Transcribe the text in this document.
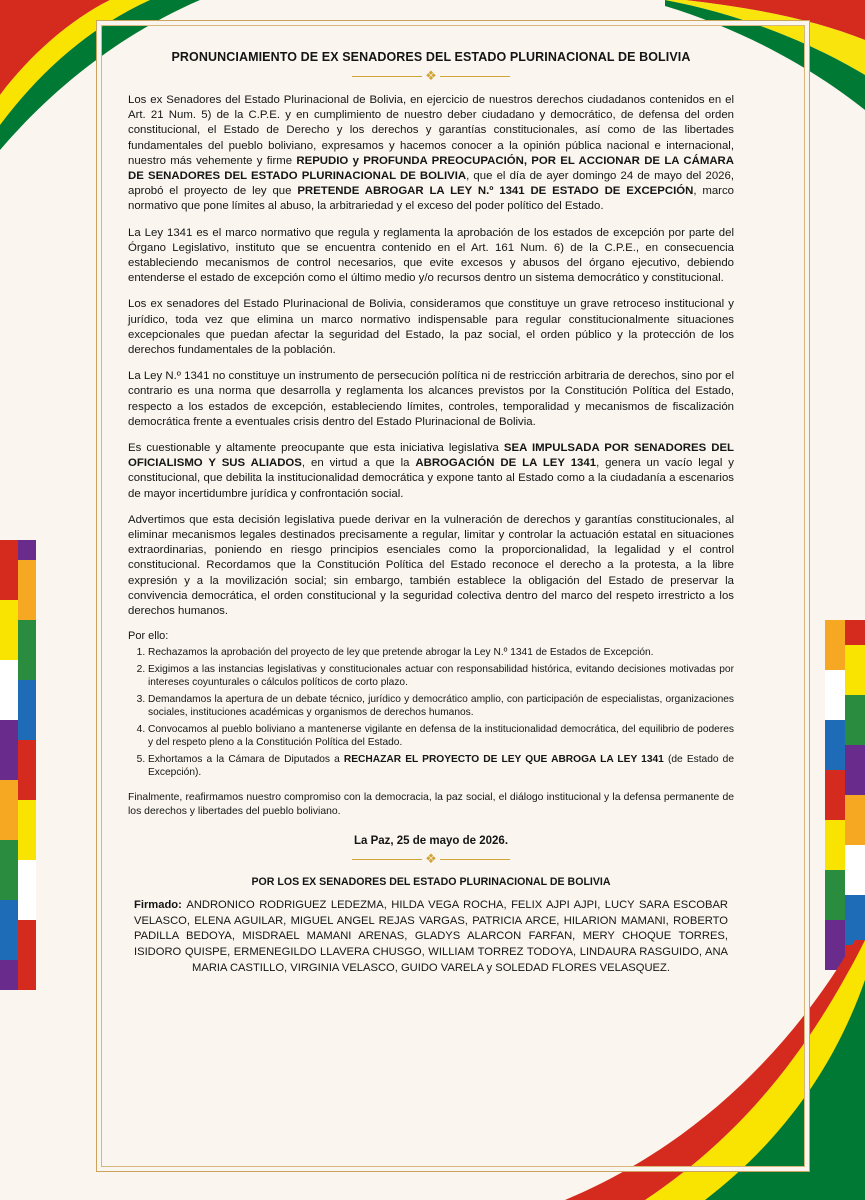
PRONUNCIAMIENTO DE EX SENADORES DEL ESTADO PLURINACIONAL DE BOLIVIA
❖

Los ex Senadores del Estado Plurinacional de Bolivia, en ejercicio de nuestros derechos ciudadanos contenidos en el Art. 21 Num. 5) de la C.P.E. y en cumplimiento de nuestro deber ciudadano y democrático, de defensa del orden constitucional, el Estado de Derecho y los derechos y garantías constitucionales, así como de las libertades fundamentales del pueblo boliviano, expresamos y hacemos conocer a la opinión pública nacional e internacional, nuestro más vehemente y firme REPUDIO y PROFUNDA PREOCUPACIÓN, POR EL ACCIONAR DE LA CÁMARA DE SENADORES DEL ESTADO PLURINACIONAL DE BOLIVIA, que el día de ayer domingo 24 de mayo del 2026, aprobó el proyecto de ley que PRETENDE ABROGAR LA LEY N.º 1341 DE ESTADO DE EXCEPCIÓN, marco normativo que pone límites al abuso, la arbitrariedad y el exceso del poder político del Estado.

La Ley 1341 es el marco normativo que regula y reglamenta la aprobación de los estados de excepción por parte del Órgano Legislativo, instituto que se encuentra contenido en el Art. 161 Num. 6) de la C.P.E., en consecuencia estableciendo mecanismos de control necesarios, que evite excesos y abusos del órgano ejecutivo, debiendo entenderse el estado de excepción como el último medio y/o recursos dentro un sistema democrático y constitucional.

Los ex senadores del Estado Plurinacional de Bolivia, consideramos que constituye un grave retroceso institucional y jurídico, toda vez que elimina un marco normativo indispensable para regular constitucionalmente situaciones excepcionales que puedan afectar la seguridad del Estado, la paz social, el orden público y la protección de los derechos fundamentales de la población.

La Ley N.º 1341 no constituye un instrumento de persecución política ni de restricción arbitraria de derechos, sino por el contrario es una norma que desarrolla y reglamenta los alcances previstos por la Constitución Política del Estado, respecto a los estados de excepción, estableciendo límites, controles, temporalidad y mecanismos de fiscalización democrática frente a eventuales crisis dentro del Estado Plurinacional de Bolivia.

Es cuestionable y altamente preocupante que esta iniciativa legislativa SEA IMPULSADA POR SENADORES DEL OFICIALISMO Y SUS ALIADOS, en virtud a que la ABROGACIÓN DE LA LEY 1341, genera un vacío legal y constitucional, que debilita la institucionalidad democrática y expone tanto al Estado como a la ciudadanía a escenarios de mayor incertidumbre jurídica y confrontación social.

Advertimos que esta decisión legislativa puede derivar en la vulneración de derechos y garantías constitucionales, al eliminar mecanismos legales destinados precisamente a regular, limitar y controlar la actuación estatal en situaciones extraordinarias, poniendo en riesgo principios esenciales como la proporcionalidad, la legalidad y el control constitucional. Recordamos que la Constitución Política del Estado reconoce el derecho a la protesta, a la libre expresión y a la movilización social; sin embargo, también establece la obligación del Estado de preservar la convivencia democrática, el orden constitucional y la seguridad colectiva dentro del marco del respeto irrestricto a los derechos humanos.

Por ello:
1. Rechazamos la aprobación del proyecto de ley que pretende abrogar la Ley N.º 1341 de Estados de Excepción.
2. Exigimos a las instancias legislativas y constitucionales actuar con responsabilidad histórica, evitando decisiones motivadas por intereses coyunturales o cálculos políticos de corto plazo.
3. Demandamos la apertura de un debate técnico, jurídico y democrático amplio, con participación de especialistas, organizaciones sociales, instituciones académicas y organismos de derechos humanos.
4. Convocamos al pueblo boliviano a mantenerse vigilante en defensa de la institucionalidad democrática, del equilibrio de poderes y del respeto pleno a la Constitución Política del Estado.
5. Exhortamos a la Cámara de Diputados a RECHAZAR EL PROYECTO DE LEY QUE ABROGA LA LEY 1341 (de Estado de Excepción).

Finalmente, reafirmamos nuestro compromiso con la democracia, la paz social, el diálogo institucional y la defensa permanente de los derechos y libertades del pueblo boliviano.

La Paz, 25 de mayo de 2026.
❖
POR LOS EX SENADORES DEL ESTADO PLURINACIONAL DE BOLIVIA
Firmado: ANDRONICO RODRIGUEZ LEDEZMA, HILDA VEGA ROCHA, FELIX AJPI AJPI, LUCY SARA ESCOBAR VELASCO, ELENA AGUILAR, MIGUEL ANGEL REJAS VARGAS, PATRICIA ARCE, HILARION MAMANI, ROBERTO PADILLA BEDOYA, MISDRAEL MAMANI ARENAS, GLADYS ALARCON FARFAN, MERY CHOQUE TORRES, ISIDORO QUISPE, ERMENEGILDO LLAVERA CHUSGO, WILLIAM TORREZ TODOYA, LINDAURA RASGUIDO, ANA MARIA CASTILLO, VIRGINIA VELASCO, GUIDO VARELA y SOLEDAD FLORES VELASQUEZ.
